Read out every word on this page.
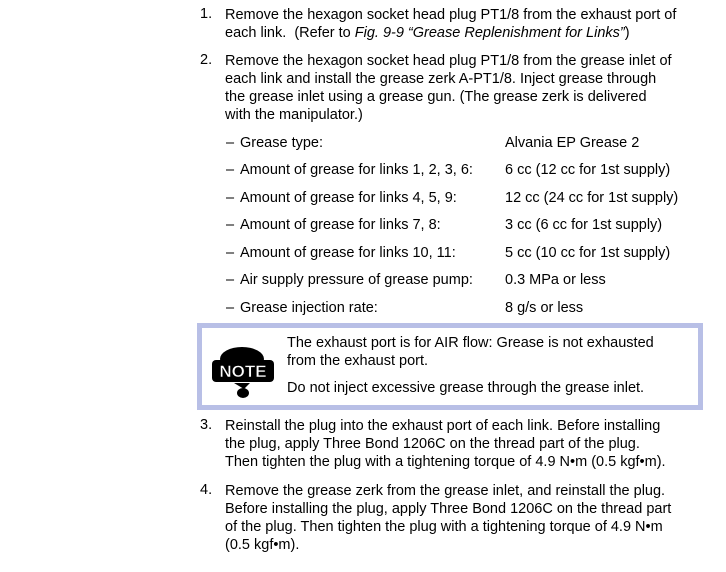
1. Remove the hexagon socket head plug PT1/8 from the exhaust port of
each link.  (Refer to Fig. 9-9 “Grease Replenishment for Links”)
2. Remove the hexagon socket head plug PT1/8 from the grease inlet of
each link and install the grease zerk A-PT1/8. Inject grease through
the grease inlet using a grease gun. (The grease zerk is delivered
with the manipulator.)
– Grease type:	Alvania EP Grease 2
– Amount of grease for links 1, 2, 3, 6: 6 cc (12 cc for 1st supply)
– Amount of grease for links 4, 5, 9:	12 cc (24 cc for 1st supply)
– Amount of grease for links 7, 8:	3 cc (6 cc for 1st supply)
– Amount of grease for links 10, 11:	5 cc (10 cc for 1st supply)
– Air supply pressure of grease pump: 0.3 MPa or less
– Grease injection rate:	8 g/s or less
NOTE
The exhaust port is for AIR flow: Grease is not exhausted
from the exhaust port.
Do not inject excessive grease through the grease inlet.
3. Reinstall the plug into the exhaust port of each link. Before installing
the plug, apply Three Bond 1206C on the thread part of the plug.
Then tighten the plug with a tightening torque of 4.9 N•m (0.5 kgf•m).
4. Remove the grease zerk from the grease inlet, and reinstall the plug.
Before installing the plug, apply Three Bond 1206C on the thread part
of the plug. Then tighten the plug with a tightening torque of 4.9 N•m
(0.5 kgf•m).
